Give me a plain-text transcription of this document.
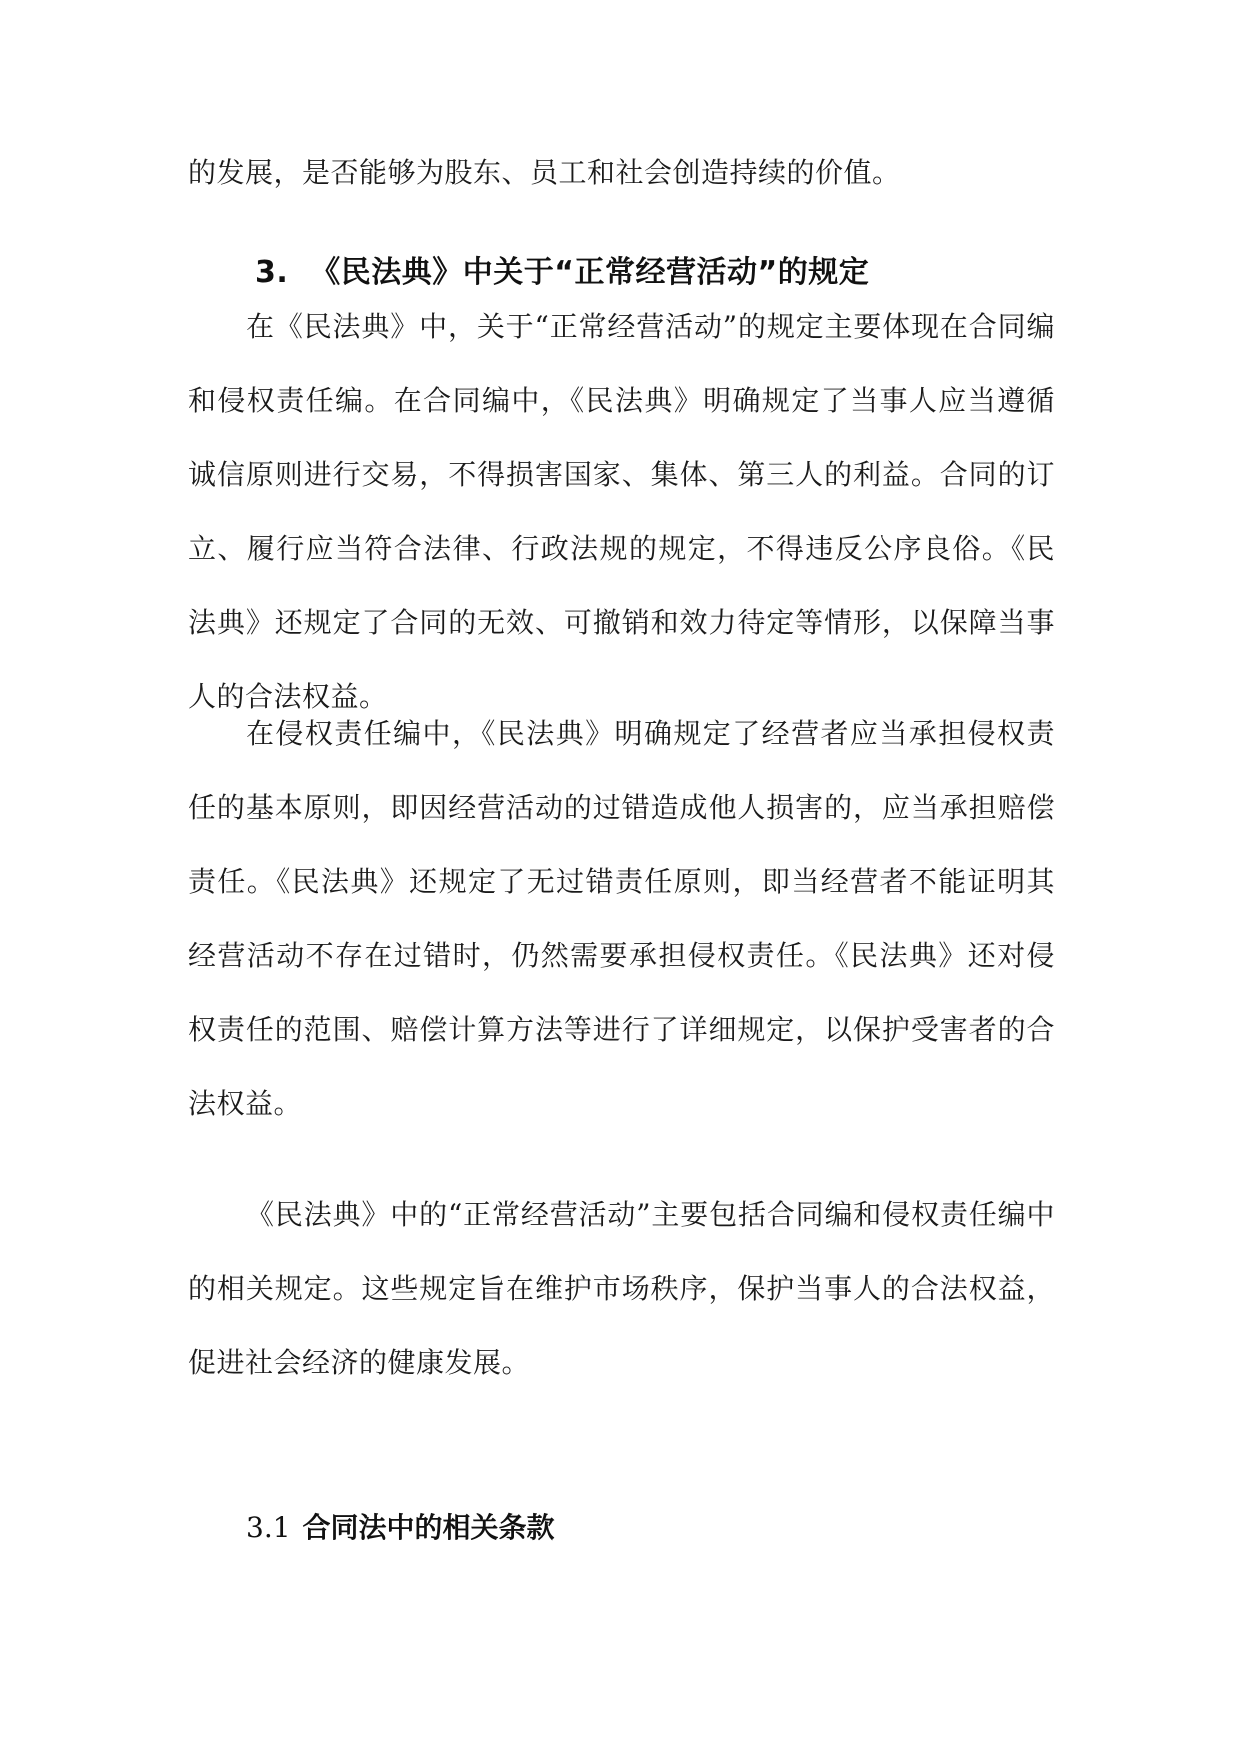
的发展，是否能够为股东、员工和社会创造持续的价值。
3. 《民法典》中关于“正常经营活动”的规定
在《民法典》中，关于“正常经营活动”的规定主要体现在合同编和侵权责任编。在合同编中，《民法典》明确规定了当事人应当遵循诚信原则进行交易，不得损害国家、集体、第三人的利益。合同的订立、履行应当符合法律、行政法规的规定，不得违反公序良俗。《民法典》还规定了合同的无效、可撤销和效力待定等情形，以保障当事人的合法权益。
在侵权责任编中，《民法典》明确规定了经营者应当承担侵权责任的基本原则，即因经营活动的过错造成他人损害的，应当承担赔偿责任。《民法典》还规定了无过错责任原则，即当经营者不能证明其经营活动不存在过错时，仍然需要承担侵权责任。《民法典》还对侵权责任的范围、赔偿计算方法等进行了详细规定，以保护受害者的合法权益。
《民法典》中的“正常经营活动”主要包括合同编和侵权责任编中的相关规定。这些规定旨在维护市场秩序，保护当事人的合法权益，促进社会经济的健康发展。
3.1 合同法中的相关条款
